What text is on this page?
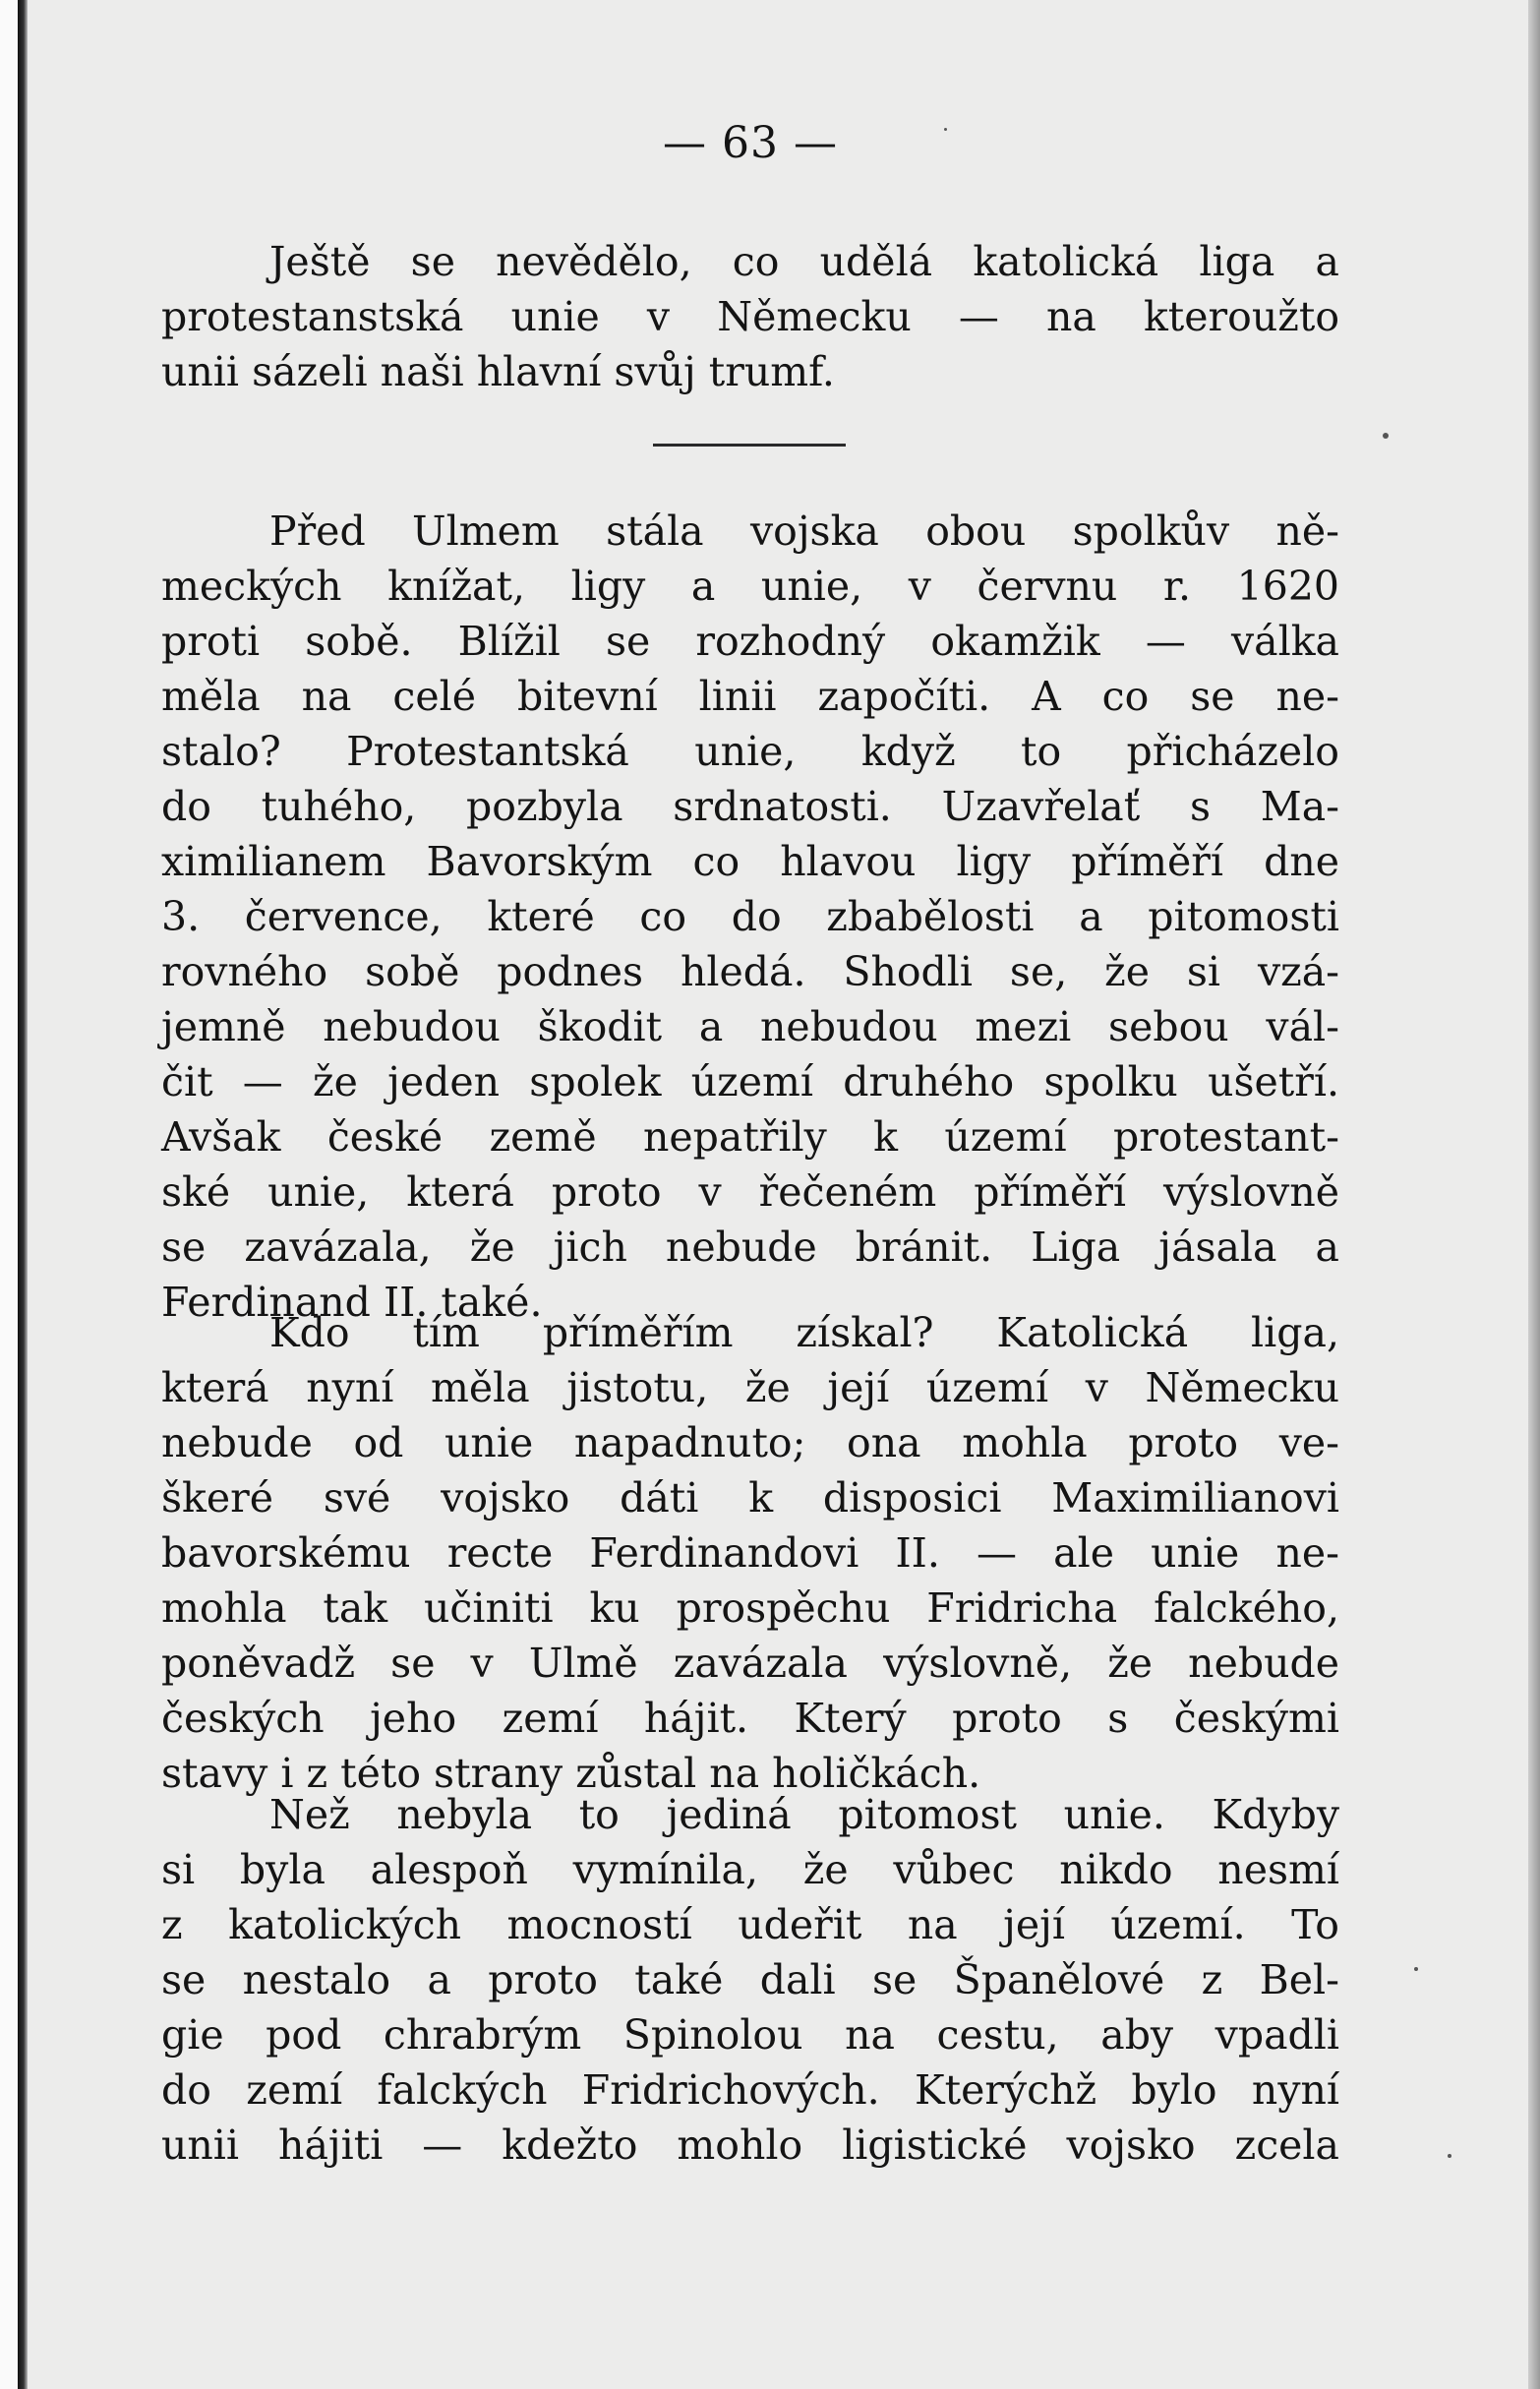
— 63 —
Ještě se nevědělo, co udělá katolická liga a
protestanstská unie v Německu — na kteroužto
unii sázeli naši hlavní svůj trumf.
Před Ulmem stála vojska obou spolkův ně-
meckých knížat, ligy a unie, v červnu r. 1620
proti sobě. Blížil se rozhodný okamžik — válka
měla na celé bitevní linii započíti. A co se ne-
stalo? Protestantská unie, když to přicházelo
do tuhého, pozbyla srdnatosti. Uzavřelať s Ma-
ximilianem Bavorským co hlavou ligy příměří dne
3. července, které co do zbabělosti a pitomosti
rovného sobě podnes hledá. Shodli se, že si vzá-
jemně nebudou škodit a nebudou mezi sebou vál-
čit — že jeden spolek území druhého spolku ušetří.
Avšak české země nepatřily k území protestant-
ské unie, která proto v řečeném příměří výslovně
se zavázala, že jich nebude bránit. Liga jásala a
Ferdinand II. také.
Kdo tím příměřím získal? Katolická liga,
která nyní měla jistotu, že její území v Německu
nebude od unie napadnuto; ona mohla proto ve-
škeré své vojsko dáti k disposici Maximilianovi
bavorskému recte Ferdinandovi II. — ale unie ne-
mohla tak učiniti ku prospěchu Fridricha falckého,
poněvadž se v Ulmě zavázala výslovně, že nebude
českých jeho zemí hájit. Který proto s českými
stavy i z této strany zůstal na holičkách.
Než nebyla to jediná pitomost unie. Kdyby
si byla alespoň vymínila, že vůbec nikdo nesmí
z katolických mocností udeřit na její území. To
se nestalo a proto také dali se Španělové z Bel-
gie pod chrabrým Spinolou na cestu, aby vpadli
do zemí falckých Fridrichových. Kterýchž bylo nyní
unii hájiti — kdežto mohlo ligistické vojsko zcela
